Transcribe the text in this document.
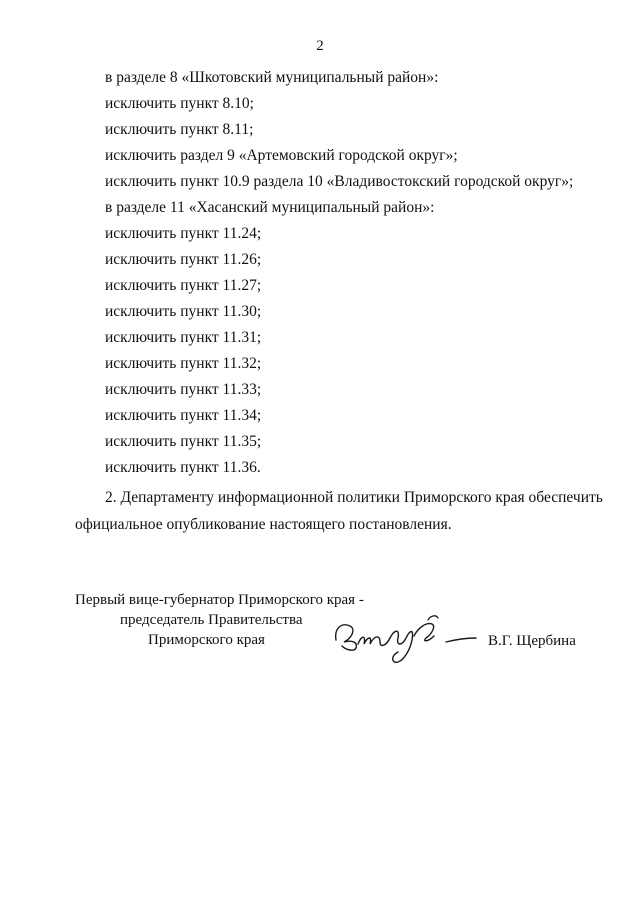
2
в разделе 8 «Шкотовский муниципальный район»:
исключить пункт 8.10;
исключить пункт 8.11;
исключить раздел 9 «Артемовский городской округ»;
исключить пункт 10.9 раздела 10 «Владивостокский городской округ»;
в разделе 11 «Хасанский муниципальный район»:
исключить пункт 11.24;
исключить пункт 11.26;
исключить пункт 11.27;
исключить пункт 11.30;
исключить пункт 11.31;
исключить пункт 11.32;
исключить пункт 11.33;
исключить пункт 11.34;
исключить пункт 11.35;
исключить пункт 11.36.
2. Департаменту информационной политики Приморского края обеспечить
официальное опубликование настоящего постановления.
Первый вице-губернатор Приморского края -
председатель Правительства
Приморского края	В.Г. Щербина
